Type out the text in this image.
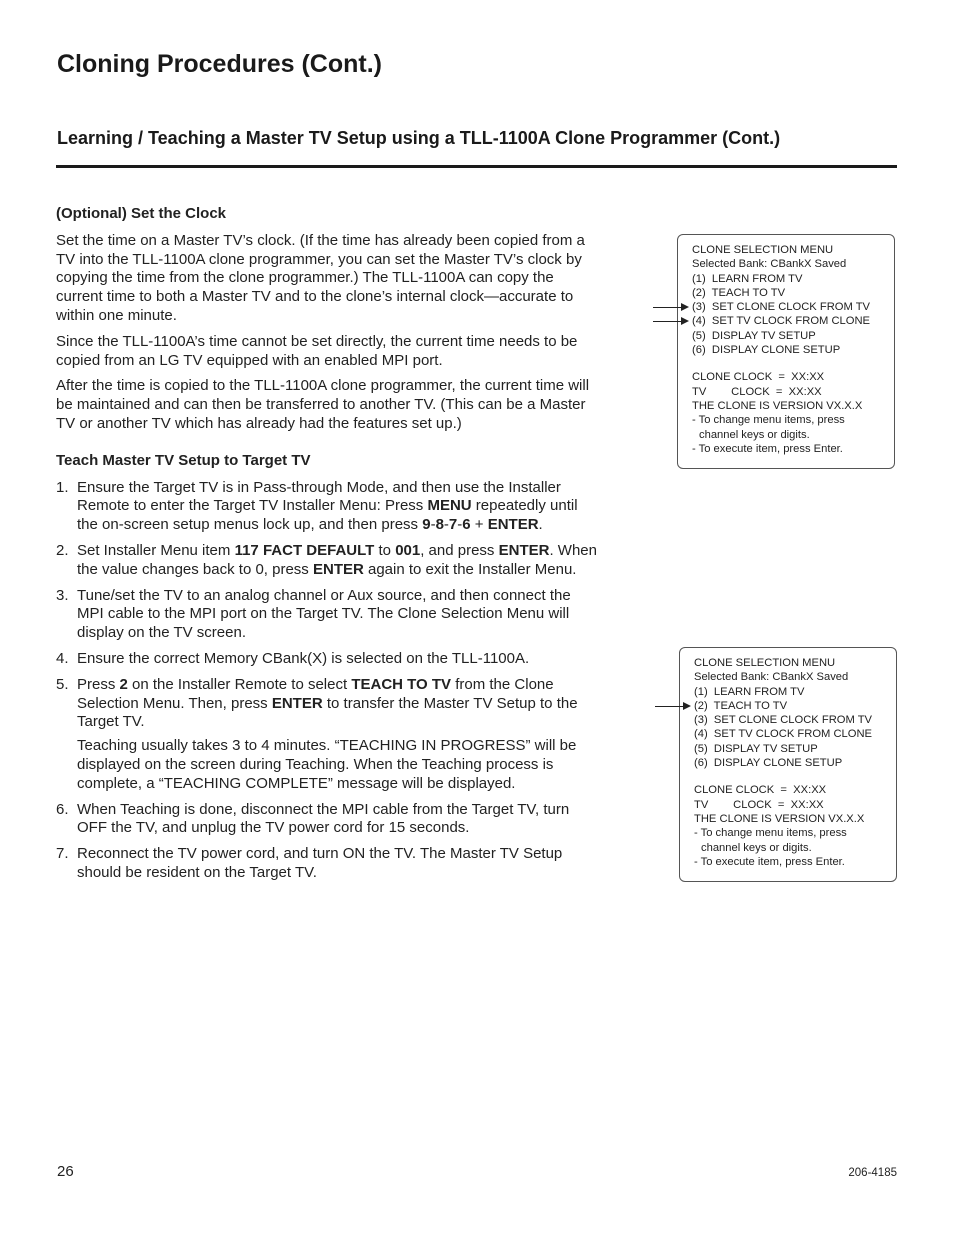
Cloning Procedures (Cont.)
Learning / Teaching a Master TV Setup using a TLL-1100A Clone Programmer (Cont.)

(Optional) Set the Clock

Set the time on a Master TV’s clock. (If the time has already been copied from a TV into the TLL-1100A clone programmer, you can set the Master TV’s clock by copying the time from the clone programmer.) The TLL-1100A can copy the current time to both a Master TV and to the clone’s internal clock—accurate to within one minute.

Since the TLL-1100A’s time cannot be set directly, the current time needs to be copied from an LG TV equipped with an enabled MPI port.

After the time is copied to the TLL-1100A clone programmer, the current time will be maintained and can then be transferred to another TV. (This can be a Master TV or another TV which has already had the features set up.)

Teach Master TV Setup to Target TV

1. Ensure the Target TV is in Pass-through Mode, and then use the Installer Remote to enter the Target TV Installer Menu: Press MENU repeatedly until the on-screen setup menus lock up, and then press 9-8-7-6 + ENTER.
2. Set Installer Menu item 117 FACT DEFAULT to 001, and press ENTER. When the value changes back to 0, press ENTER again to exit the Installer Menu.
3. Tune/set the TV to an analog channel or Aux source, and then connect the MPI cable to the MPI port on the Target TV. The Clone Selection Menu will display on the TV screen.
4. Ensure the correct Memory CBank(X) is selected on the TLL-1100A.
5. Press 2 on the Installer Remote to select TEACH TO TV from the Clone Selection Menu. Then, press ENTER to transfer the Master TV Setup to the Target TV.
Teaching usually takes 3 to 4 minutes. “TEACHING IN PROGRESS” will be displayed on the screen during Teaching. When the Teaching process is complete, a “TEACHING COMPLETE” message will be displayed.
6. When Teaching is done, disconnect the MPI cable from the Target TV, turn OFF the TV, and unplug the TV power cord for 15 seconds.
7. Reconnect the TV power cord, and turn ON the TV. The Master TV Setup should be resident on the Target TV.
CLONE SELECTION MENU
Selected Bank: CBankX Saved
(1)  LEARN FROM TV
(2)  TEACH TO TV
(3)  SET CLONE CLOCK FROM TV
(4)  SET TV CLOCK FROM CLONE
(5)  DISPLAY TV SETUP
(6)  DISPLAY CLONE SETUP
CLONE CLOCK  =  XX:XX
TV        CLOCK  =  XX:XX
THE CLONE IS VERSION VX.X.X
- To change menu items, press
channel keys or digits.
- To execute item, press Enter.
CLONE SELECTION MENU
Selected Bank: CBankX Saved
(1)  LEARN FROM TV
(2)  TEACH TO TV
(3)  SET CLONE CLOCK FROM TV
(4)  SET TV CLOCK FROM CLONE
(5)  DISPLAY TV SETUP
(6)  DISPLAY CLONE SETUP
CLONE CLOCK  =  XX:XX
TV        CLOCK  =  XX:XX
THE CLONE IS VERSION VX.X.X
- To change menu items, press
channel keys or digits.
- To execute item, press Enter.
26	206-4185
